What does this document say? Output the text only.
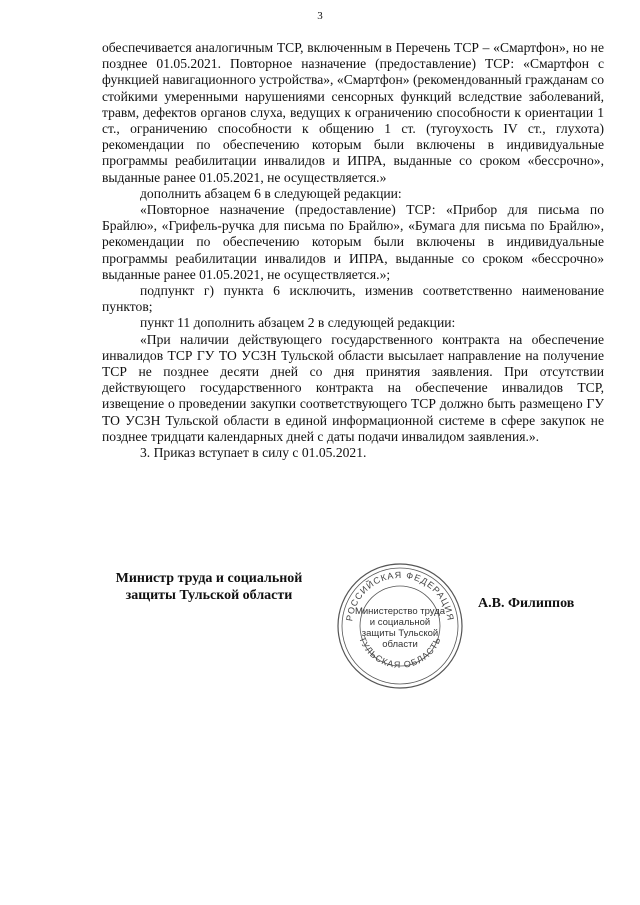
3

обеспечивается аналогичным ТСР, включенным в Перечень ТСР – «Смартфон», но не позднее 01.05.2021. Повторное назначение (предоставление) ТСР: «Смартфон с функцией навигационного устройства», «Смартфон» (рекомендованный гражданам со стойкими умеренными нарушениями сенсорных функций вследствие заболеваний, травм, дефектов органов слуха, ведущих к ограничению способности к ориентации 1 ст., ограничению способности к общению 1 ст. (тугоухость IV ст., глухота) рекомендации по обеспечению которым были включены в индивидуальные программы реабилитации инвалидов и ИПРА, выданные со сроком «бессрочно», выданные ранее 01.05.2021, не осуществляется.»

дополнить абзацем 6 в следующей редакции:

«Повторное назначение (предоставление) ТСР: «Прибор для письма по Брайлю», «Грифель-ручка для письма по Брайлю», «Бумага для письма по Брайлю», рекомендации по обеспечению которым были включены в индивидуальные программы реабилитации инвалидов и ИПРА, выданные со сроком «бессрочно» выданные ранее 01.05.2021, не осуществляется.»;

подпункт г) пункта 6 исключить, изменив соответственно наименование пунктов;

пункт 11 дополнить абзацем 2 в следующей редакции:

«При наличии действующего государственного контракта на обеспечение инвалидов ТСР ГУ ТО УСЗН Тульской области высылает направление на получение ТСР не позднее десяти дней со дня принятия заявления. При отсутствии действующего государственного контракта на обеспечение инвалидов ТСР, извещение о проведении закупки соответствующего ТСР должно быть размещено ГУ ТО УСЗН Тульской области в единой информационной системе в сфере закупок не позднее тридцати календарных дней с даты подачи инвалидом заявления.».

3. Приказ вступает в силу с 01.05.2021.

Министр труда и социальной защиты Тульской области
РОССИЙСКАЯ ФЕДЕРАЦИЯ
ТУЛЬСКАЯ ОБЛАСТЬ
Министерство труда и социальной защиты Тульской области
А.В. Филиппов
